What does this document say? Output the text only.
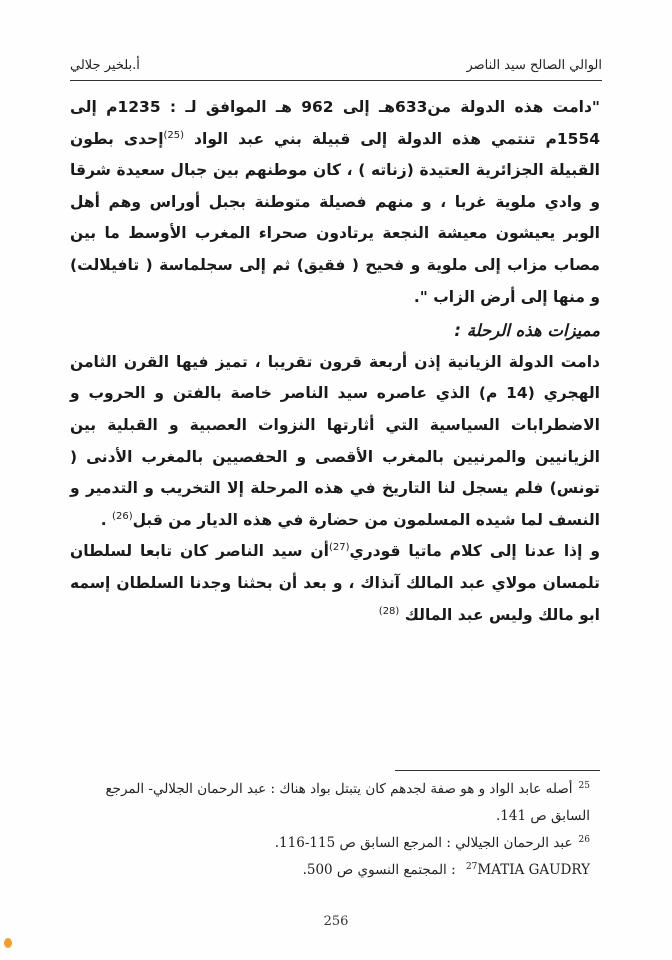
الوالي الصالح سيد الناصر
أ.بلخير جلالي

"دامت هذه الدولة من633هـ إلى 962 هـ الموافق لـ : 1235م إلى 1554م تنتمي هذه الدولة إلى قبيلة بني عبد الواد $^{(25)}$إحدى بطون القبيلة الجزائرية العتيدة (زناته ) ، كان موطنهم بين جبال سعيدة شرقا و وادي ملوية غربا ، و منهم فصيلة متوطنة بجبل أوراس وهم أهل الوبر يعيشون معيشة النجعة يرتادون صحراء المغرب الأوسط ما بين مصاب مزاب إلى ملوية و فحيح ( فقيق) ثم إلى سجلماسة ( تافيلالت) و منها إلى أرض الزاب ".

مميزات هذه الرحلة :

دامت الدولة الزيانية إذن أربعة قرون تقريبا ، تميز فيها القرن الثامن الهجري (14 م) الذي عاصره سيد الناصر خاصة بالفتن و الحروب و الاضطرابات السياسية التي أثارتها النزوات العصبية و القبلية بين الزيانيين والمرنيين بالمغرب الأقصى و الحفصيين بالمغرب الأدنى ( تونس) فلم يسجل لنا التاريخ في هذه المرحلة إلا التخريب و التدمير و النسف لما شيده المسلمون من حضارة في هذه الديار من قبل$^{(26)}$ .

و إذا عدنا إلى كلام ماتيا قودري$^{(27)}$أن سيد الناصر كان تابعا لسلطان تلمسان مولاي عبد المالك آنذاك ، و بعد أن بحثنا وجدنا السلطان إسمه ابو مالك وليس عبد المالك $^{(28)}$

$^{25}$أصله عابد الواد و هو صفة لجدهم كان يتبتل بواد هناك : عبد الرحمان الجلالي- المرجع السابق ص 141.

$^{26}$عبد الرحمان الجيلالي : المرجع السابق ص 115-116.

$^{27}$MATIA GAUDRY : المجتمع النسوي ص 500.

256
